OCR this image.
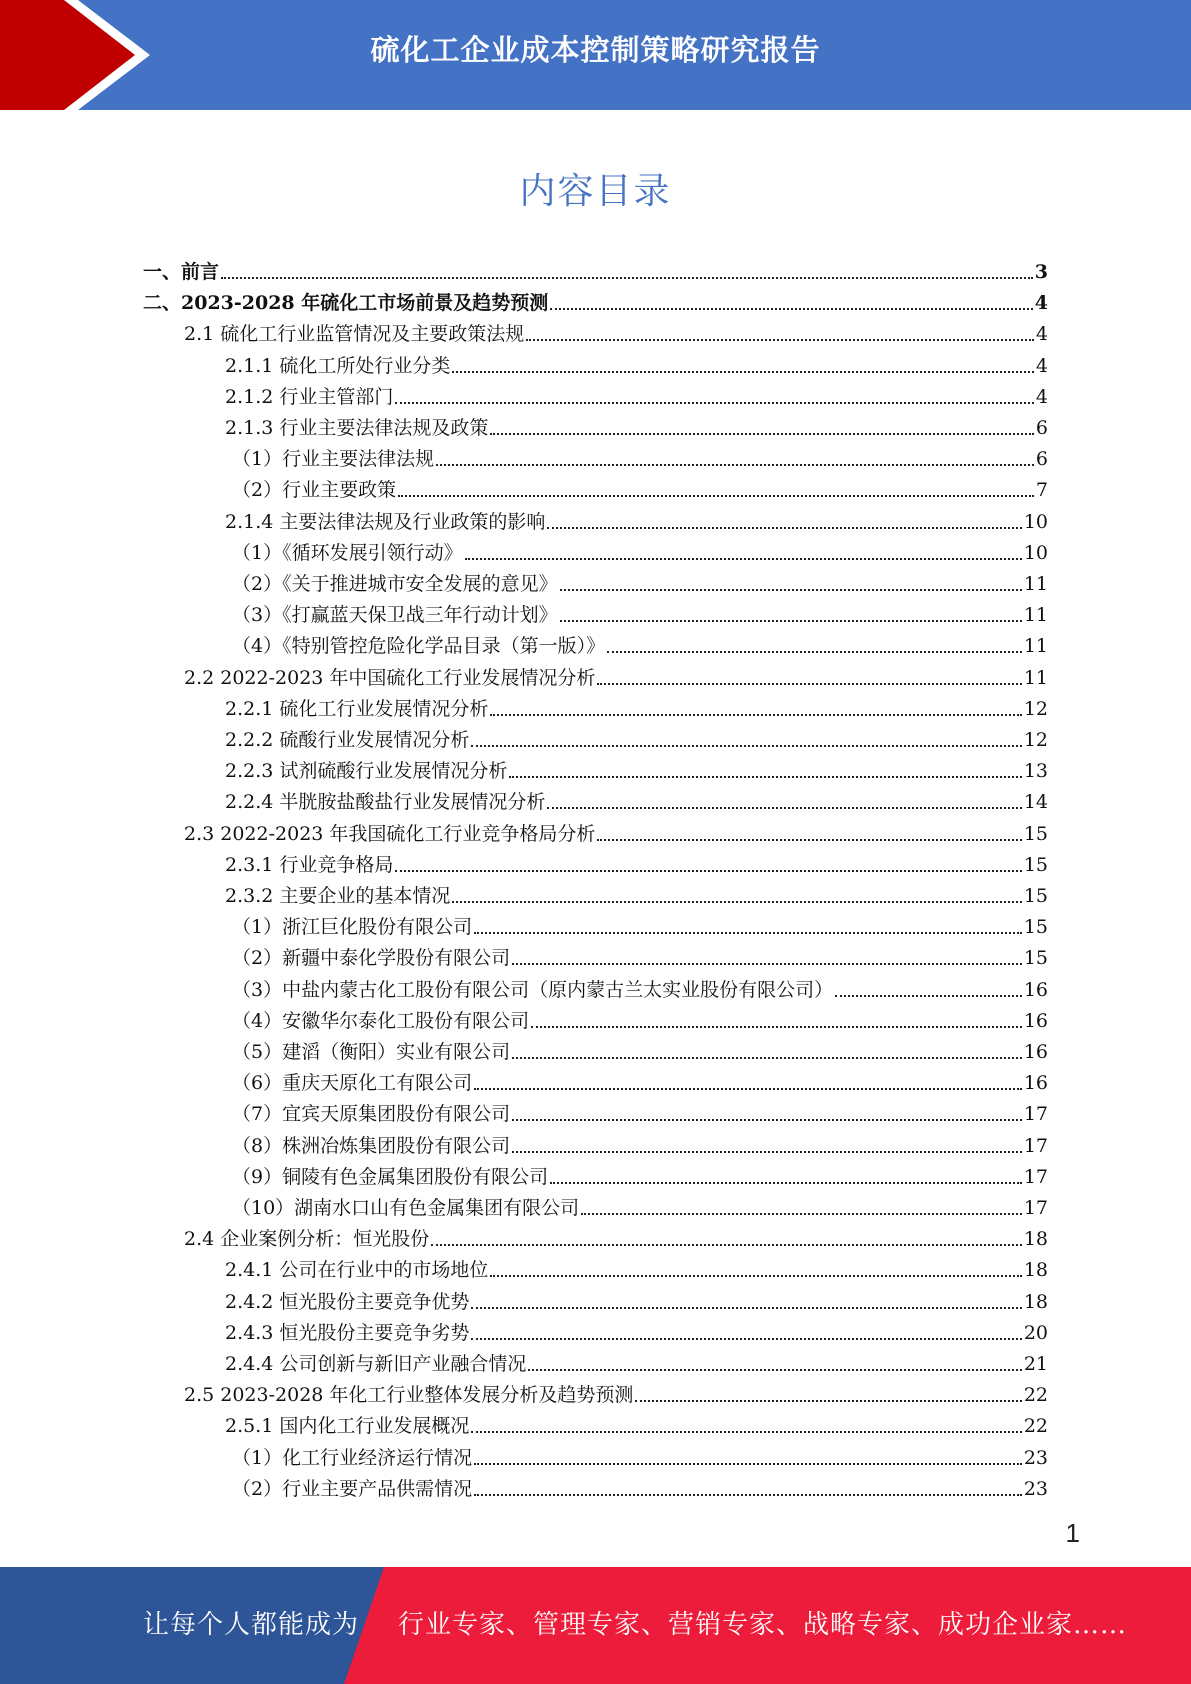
硫化工企业成本控制策略研究报告
内容目录
一、前言	3
二、2023-2028 年硫化工市场前景及趋势预测	4
2.1 硫化工行业监管情况及主要政策法规	4
2.1.1 硫化工所处行业分类	4
2.1.2 行业主管部门	4
2.1.3 行业主要法律法规及政策	6
（1）行业主要法律法规	6
（2）行业主要政策	7
2.1.4 主要法律法规及行业政策的影响	10
（1）《循环发展引领行动》	10
（2）《关于推进城市安全发展的意见》	11
（3）《打赢蓝天保卫战三年行动计划》	11
（4）《特别管控危险化学品目录（第一版）》	11
2.2 2022-2023 年中国硫化工行业发展情况分析	11
2.2.1 硫化工行业发展情况分析	12
2.2.2 硫酸行业发展情况分析	12
2.2.3 试剂硫酸行业发展情况分析	13
2.2.4 半胱胺盐酸盐行业发展情况分析	14
2.3 2022-2023 年我国硫化工行业竞争格局分析	15
2.3.1 行业竞争格局	15
2.3.2 主要企业的基本情况	15
（1）浙江巨化股份有限公司	15
（2）新疆中泰化学股份有限公司	15
（3）中盐内蒙古化工股份有限公司（原内蒙古兰太实业股份有限公司）	16
（4）安徽华尔泰化工股份有限公司	16
（5）建滔（衡阳）实业有限公司	16
（6）重庆天原化工有限公司	16
（7）宜宾天原集团股份有限公司	17
（8）株洲冶炼集团股份有限公司	17
（9）铜陵有色金属集团股份有限公司	17
（10）湖南水口山有色金属集团有限公司	17
2.4 企业案例分析：恒光股份	18
2.4.1 公司在行业中的市场地位	18
2.4.2 恒光股份主要竞争优势	18
2.4.3 恒光股份主要竞争劣势	20
2.4.4 公司创新与新旧产业融合情况	21
2.5 2023-2028 年化工行业整体发展分析及趋势预测	22
2.5.1 国内化工行业发展概况	22
（1）化工行业经济运行情况	23
（2）行业主要产品供需情况	23
1
让每个人都能成为 行业专家、管理专家、营销专家、战略专家、成功企业家……
